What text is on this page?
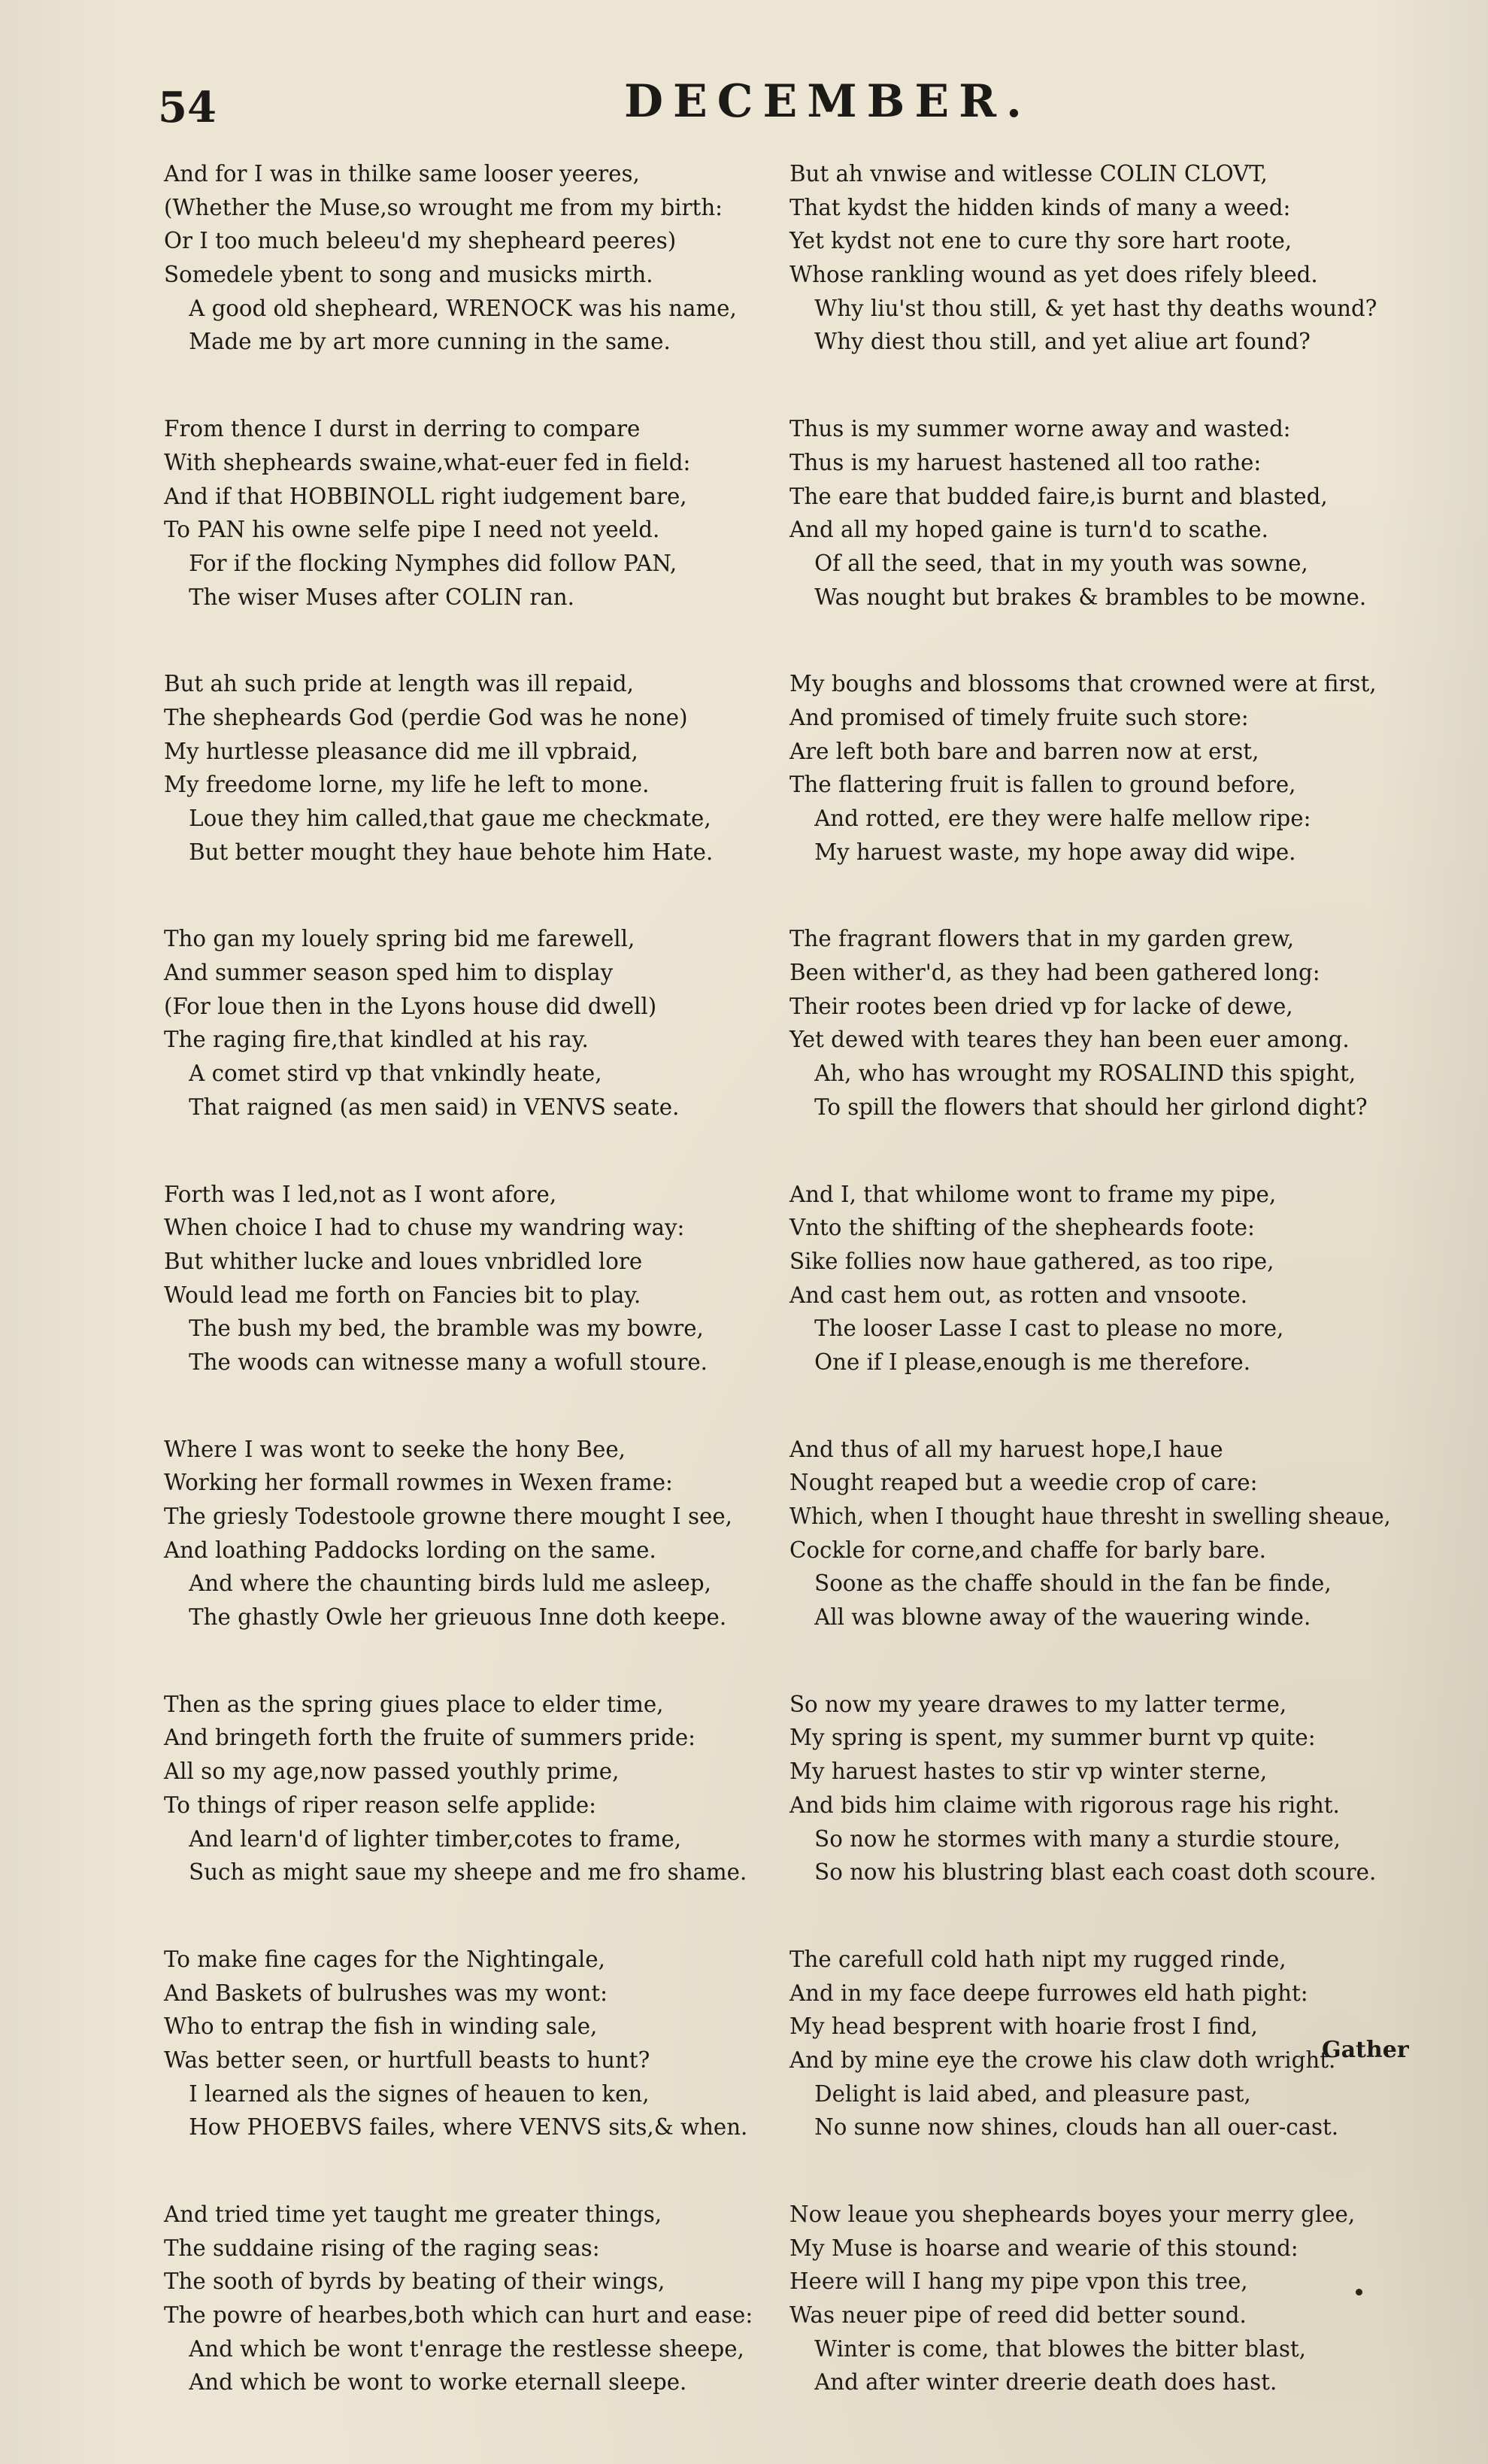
54	DECEMBER.
And for I was in thilke same looser yeeres,
(Whether the Muse,so wrought me from my birth:
Or I too much beleeu'd my shepheard peeres)
Somedele ybent to song and musicks mirth.
A good old shepheard, WRENOCK was his name,
Made me by art more cunning in the same.
From thence I durst in derring to compare
With shepheards swaine,what-euer fed in field:
And if that HOBBINOLL right iudgement bare,
To PAN his owne selfe pipe I need not yeeld.
For if the flocking Nymphes did follow PAN,
The wiser Muses after COLIN ran.
But ah such pride at length was ill repaid,
The shepheards God (perdie God was he none)
My hurtlesse pleasance did me ill vpbraid,
My freedome lorne, my life he left to mone.
Loue they him called,that gaue me checkmate,
But better mought they haue behote him Hate.
Tho gan my louely spring bid me farewell,
And summer season sped him to display
(For loue then in the Lyons house did dwell)
The raging fire,that kindled at his ray.
A comet stird vp that vnkindly heate,
That raigned (as men said) in VENVS seate.
Forth was I led,not as I wont afore,
When choice I had to chuse my wandring way:
But whither lucke and loues vnbridled lore
Would lead me forth on Fancies bit to play.
The bush my bed, the bramble was my bowre,
The woods can witnesse many a wofull stoure.
Where I was wont to seeke the hony Bee,
Working her formall rowmes in Wexen frame:
The griesly Todestoole growne there mought I see,
And loathing Paddocks lording on the same.
And where the chaunting birds luld me asleep,
The ghastly Owle her grieuous Inne doth keepe.
Then as the spring giues place to elder time,
And bringeth forth the fruite of summers pride:
All so my age,now passed youthly prime,
To things of riper reason selfe applide:
And learn'd of lighter timber,cotes to frame,
Such as might saue my sheepe and me fro shame.
To make fine cages for the Nightingale,
And Baskets of bulrushes was my wont:
Who to entrap the fish in winding sale,
Was better seen, or hurtfull beasts to hunt?
I learned als the signes of heauen to ken,
How PHOEBVS failes, where VENVS sits,& when.
And tried time yet taught me greater things,
The suddaine rising of the raging seas:
The sooth of byrds by beating of their wings,
The powre of hearbes,both which can hurt and ease:
And which be wont t'enrage the restlesse sheepe,
And which be wont to worke eternall sleepe.
But ah vnwise and witlesse COLIN CLOVT,
That kydst the hidden kinds of many a weed:
Yet kydst not ene to cure thy sore hart roote,
Whose rankling wound as yet does rifely bleed.
Why liu'st thou still, & yet hast thy deaths wound?
Why diest thou still, and yet aliue art found?
Thus is my summer worne away and wasted:
Thus is my haruest hastened all too rathe:
The eare that budded faire,is burnt and blasted,
And all my hoped gaine is turn'd to scathe.
Of all the seed, that in my youth was sowne,
Was nought but brakes & brambles to be mowne.
My boughs and blossoms that crowned were at first,
And promised of timely fruite such store:
Are left both bare and barren now at erst,
The flattering fruit is fallen to ground before,
And rotted, ere they were halfe mellow ripe:
My haruest waste, my hope away did wipe.
The fragrant flowers that in my garden grew,
Been wither'd, as they had been gathered long:
Their rootes been dried vp for lacke of dewe,
Yet dewed with teares they han been euer among.
Ah, who has wrought my ROSALIND this spight,
To spill the flowers that should her girlond dight?
And I, that whilome wont to frame my pipe,
Vnto the shifting of the shepheards foote:
Sike follies now haue gathered, as too ripe,
And cast hem out, as rotten and vnsoote.
The looser Lasse I cast to please no more,
One if I please,enough is me therefore.
And thus of all my haruest hope,I haue
Nought reaped but a weedie crop of care:
Which, when I thought haue thresht in swelling sheaue,
Cockle for corne,and chaffe for barly bare.
Soone as the chaffe should in the fan be finde,
All was blowne away of the wauering winde.
So now my yeare drawes to my latter terme,
My spring is spent, my summer burnt vp quite:
My haruest hastes to stir vp winter sterne,
And bids him claime with rigorous rage his right.
So now he stormes with many a sturdie stoure,
So now his blustring blast each coast doth scoure.
The carefull cold hath nipt my rugged rinde,
And in my face deepe furrowes eld hath pight:
My head besprent with hoarie frost I find,
And by mine eye the crowe his claw doth wright.
Delight is laid abed, and pleasure past,
No sunne now shines, clouds han all ouer-cast.
Now leaue you shepheards boyes your merry glee,
My Muse is hoarse and wearie of this stound:
Heere will I hang my pipe vpon this tree,
Was neuer pipe of reed did better sound.
Winter is come, that blowes the bitter blast,
And after winter dreerie death does hast.
Gather
